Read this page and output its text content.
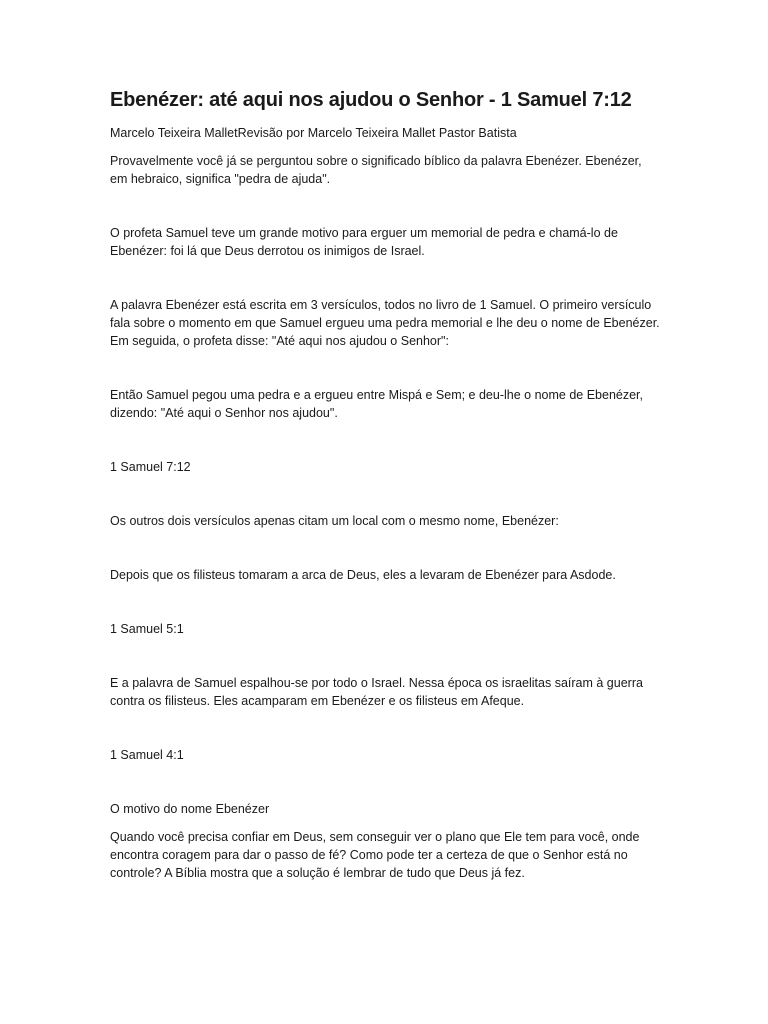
Ebenézer: até aqui nos ajudou o Senhor - 1 Samuel 7:12

Marcelo Teixeira MalletRevisão por Marcelo Teixeira Mallet Pastor Batista

Provavelmente você já se perguntou sobre o significado bíblico da palavra Ebenézer. Ebenézer, em hebraico, significa "pedra de ajuda".

O profeta Samuel teve um grande motivo para erguer um memorial de pedra e chamá-lo de Ebenézer: foi lá que Deus derrotou os inimigos de Israel.

A palavra Ebenézer está escrita em 3 versículos, todos no livro de 1 Samuel. O primeiro versículo fala sobre o momento em que Samuel ergueu uma pedra memorial e lhe deu o nome de Ebenézer. Em seguida, o profeta disse: "Até aqui nos ajudou o Senhor":

Então Samuel pegou uma pedra e a ergueu entre Mispá e Sem; e deu-lhe o nome de Ebenézer, dizendo: "Até aqui o Senhor nos ajudou".

1 Samuel 7:12

Os outros dois versículos apenas citam um local com o mesmo nome, Ebenézer:

Depois que os filisteus tomaram a arca de Deus, eles a levaram de Ebenézer para Asdode.

1 Samuel 5:1

E a palavra de Samuel espalhou-se por todo o Israel. Nessa época os israelitas saíram à guerra contra os filisteus. Eles acamparam em Ebenézer e os filisteus em Afeque.

1 Samuel 4:1

O motivo do nome Ebenézer

Quando você precisa confiar em Deus, sem conseguir ver o plano que Ele tem para você, onde encontra coragem para dar o passo de fé? Como pode ter a certeza de que o Senhor está no controle? A Bíblia mostra que a solução é lembrar de tudo que Deus já fez.
